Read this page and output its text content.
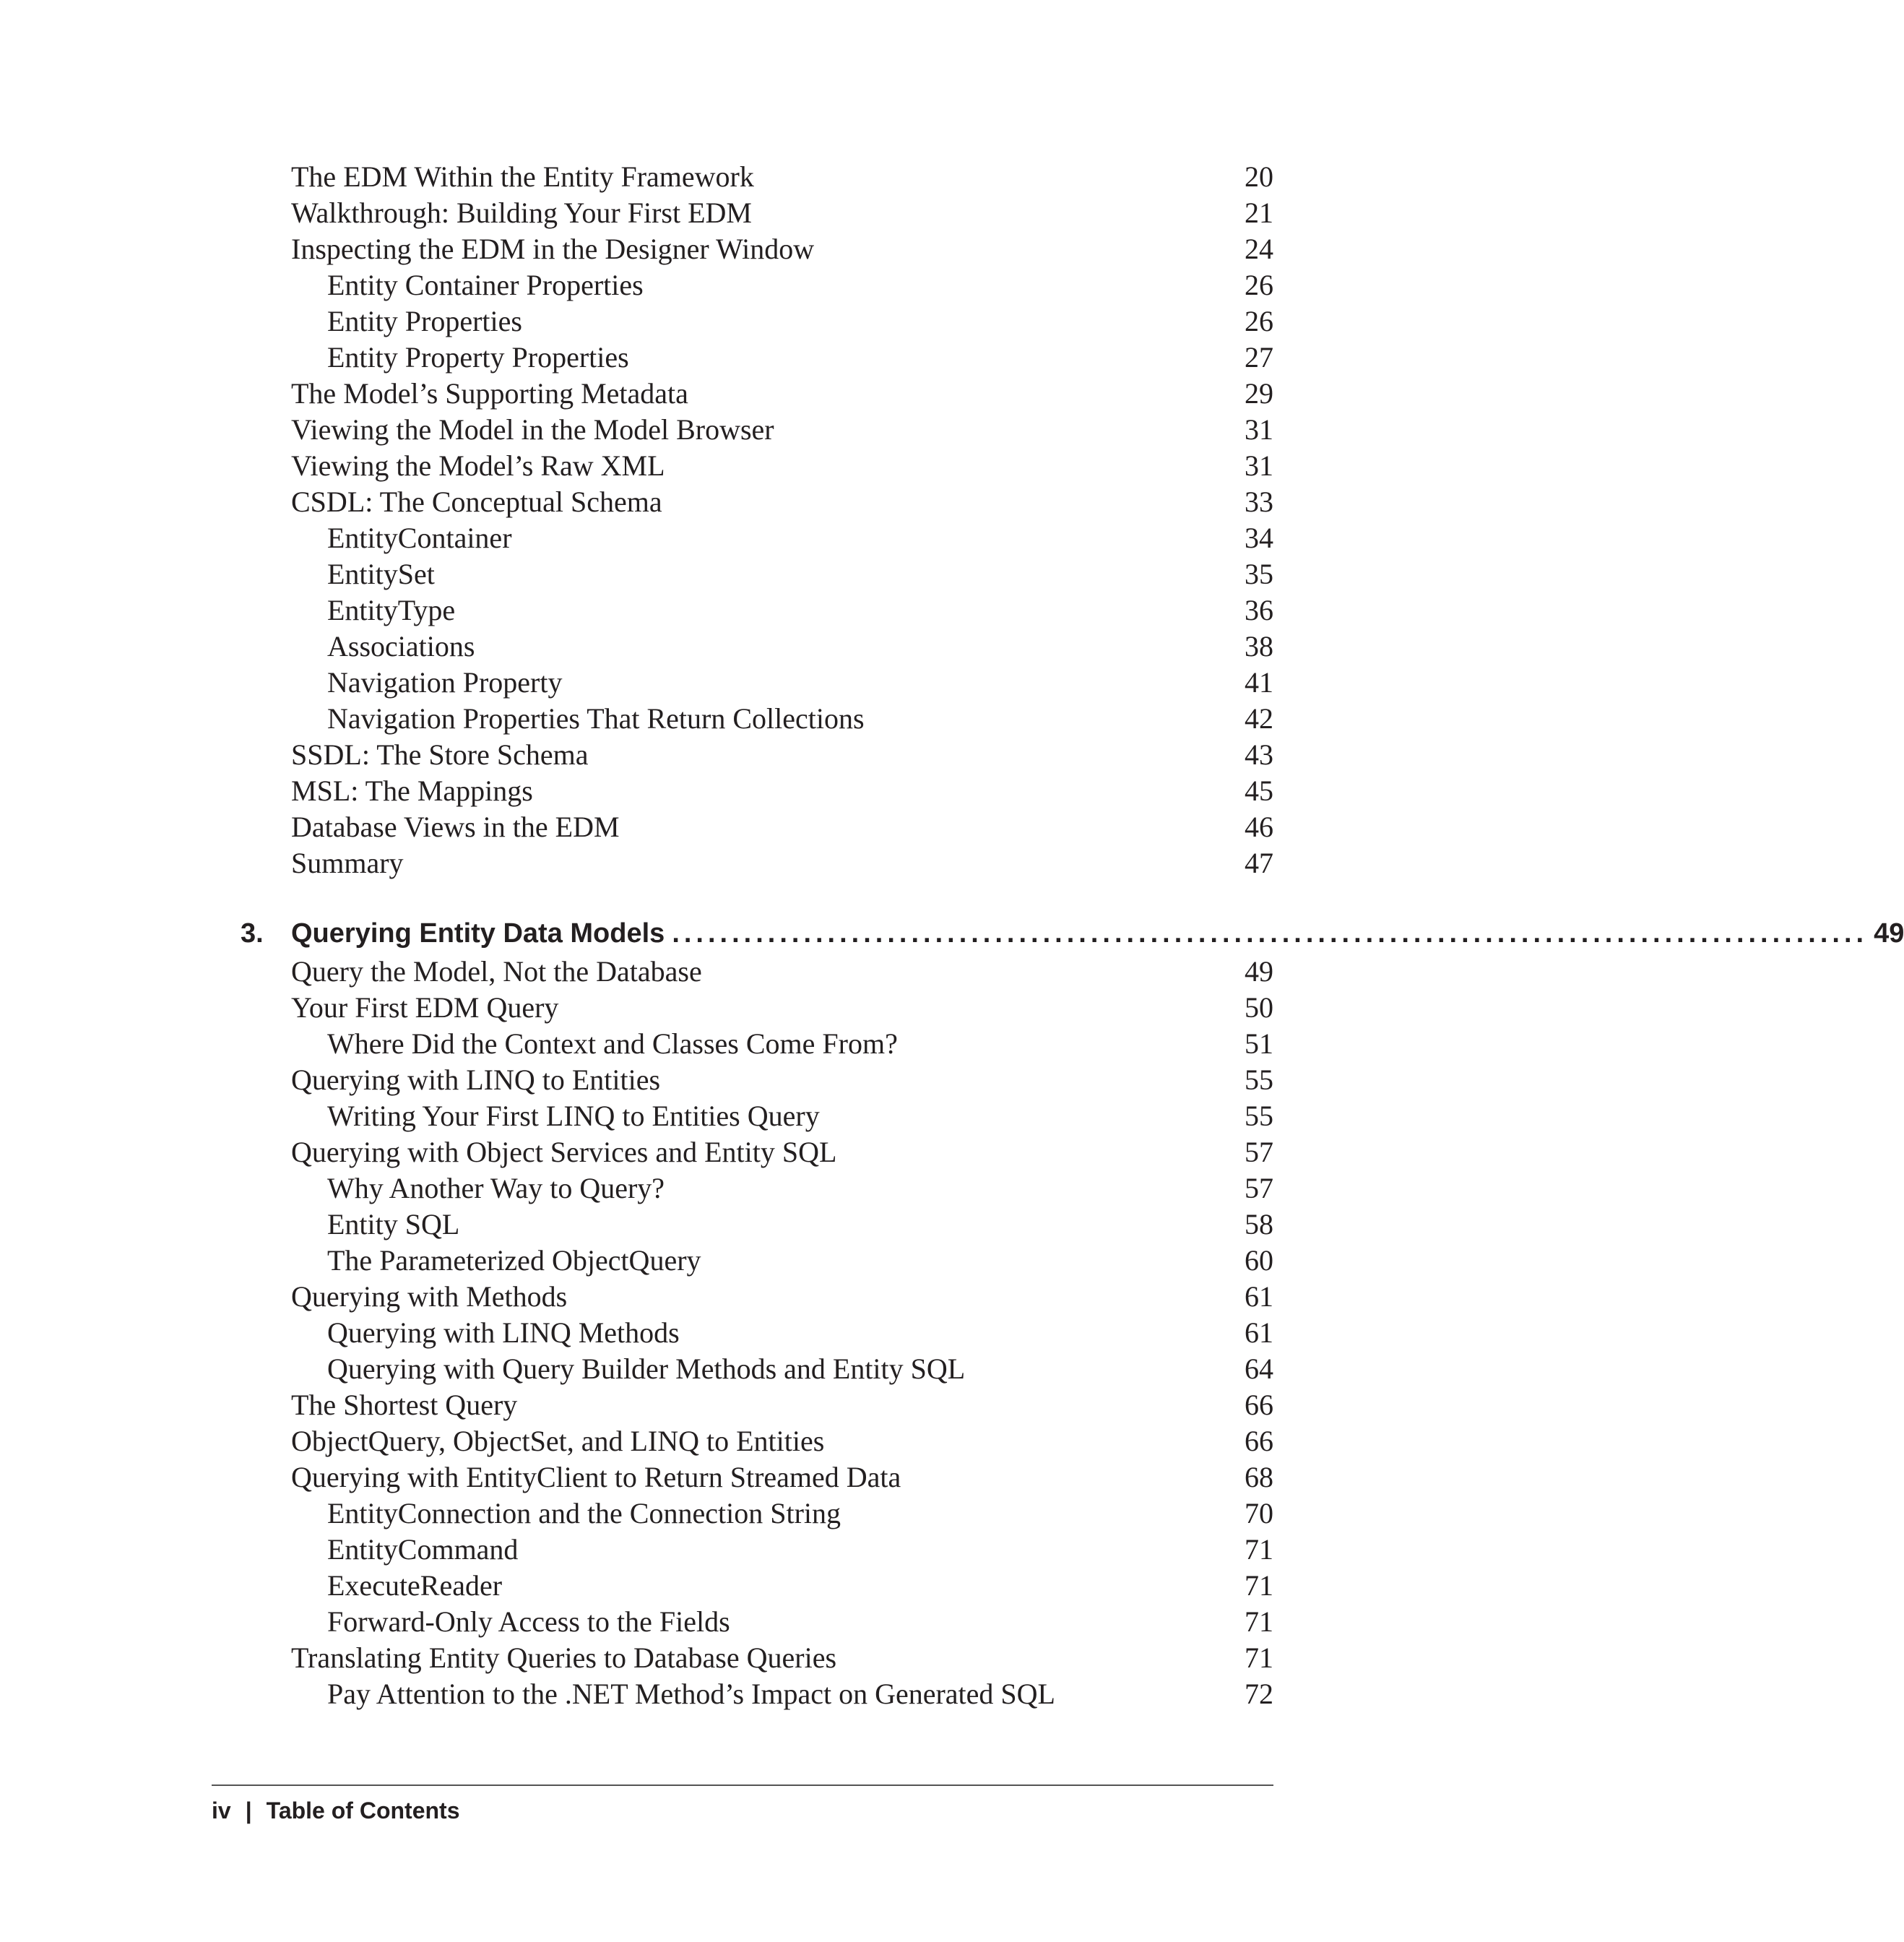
The EDM Within the Entity Framework	20
Walkthrough: Building Your First EDM	21
Inspecting the EDM in the Designer Window	24
Entity Container Properties	26
Entity Properties	26
Entity Property Properties	27
The Model’s Supporting Metadata	29
Viewing the Model in the Model Browser	31
Viewing the Model’s Raw XML	31
CSDL: The Conceptual Schema	33
EntityContainer	34
EntitySet	35
EntityType	36
Associations	38
Navigation Property	41
Navigation Properties That Return Collections	42
SSDL: The Store Schema	43
MSL: The Mappings	45
Database Views in the EDM	46
Summary	47
3. Querying Entity Data Models .................................................................................................... 49
Query the Model, Not the Database	49
Your First EDM Query	50
Where Did the Context and Classes Come From?	51
Querying with LINQ to Entities	55
Writing Your First LINQ to Entities Query	55
Querying with Object Services and Entity SQL	57
Why Another Way to Query?	57
Entity SQL	58
The Parameterized ObjectQuery	60
Querying with Methods	61
Querying with LINQ Methods	61
Querying with Query Builder Methods and Entity SQL	64
The Shortest Query	66
ObjectQuery, ObjectSet, and LINQ to Entities	66
Querying with EntityClient to Return Streamed Data	68
EntityConnection and the Connection String	70
EntityCommand	71
ExecuteReader	71
Forward-Only Access to the Fields	71
Translating Entity Queries to Database Queries	71
Pay Attention to the .NET Method’s Impact on Generated SQL	72
iv | Table of Contents
